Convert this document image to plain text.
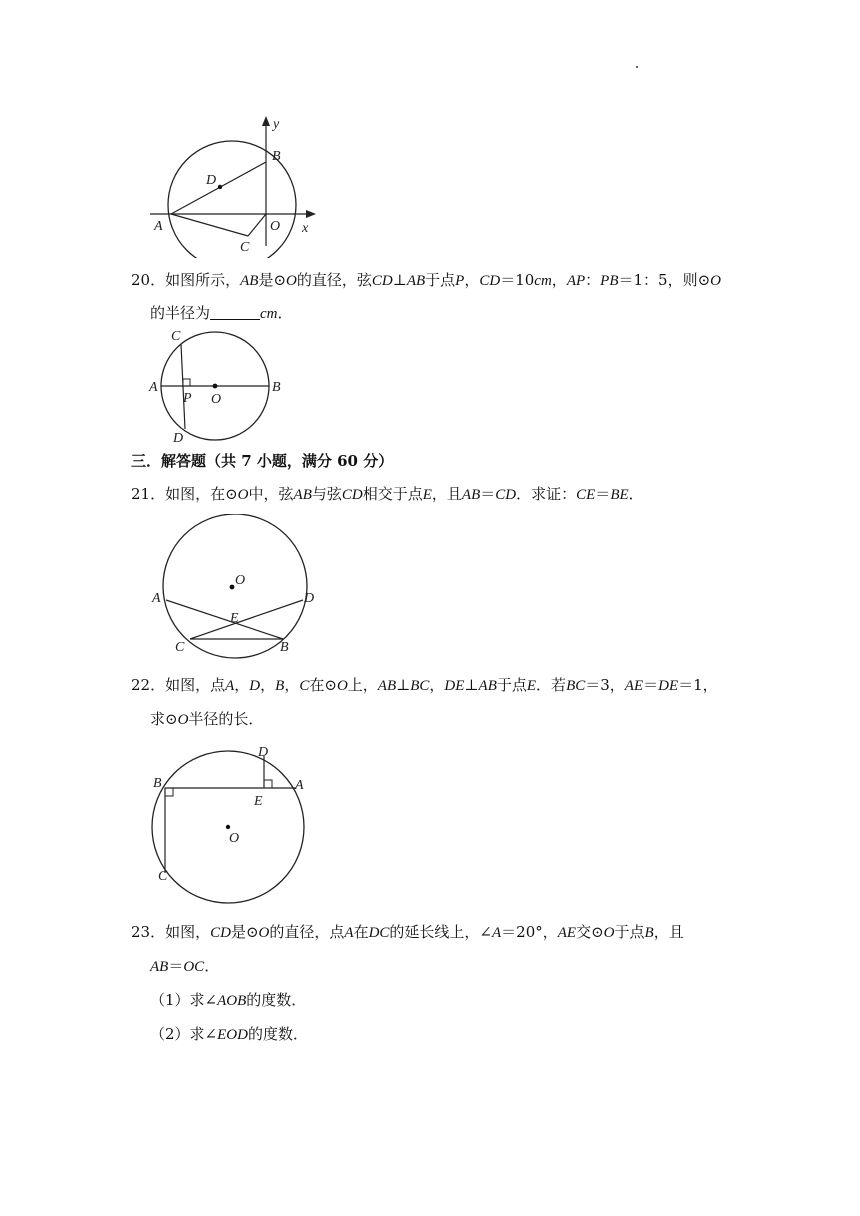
A
B
C
D
O x
y
20．如图所示，AB是⊙O的直径，弦CD⊥AB于点P，CD＝10cm，AP：PB＝1：5，则⊙O
的半径为	cm．
A	B
C
D
P O
三．解答题（共 7 小题，满分 60 分）
21．如图，在⊙O中，弦AB与弦CD相交于点E，且AB＝CD．求证：CE＝BE．
O
A	D
E
C	B
22．如图，点A，D，B，C在⊙O上，AB⊥BC，DE⊥AB于点E．若BC＝3，AE＝DE＝1，
求⊙O半径的长．
O
B
D
A
E
C
23．如图，CD是⊙O的直径，点A在DC的延长线上，∠A＝20°，AE交⊙O于点B，且
AB＝OC．
（1）求∠AOB的度数．
（2）求∠EOD的度数．
